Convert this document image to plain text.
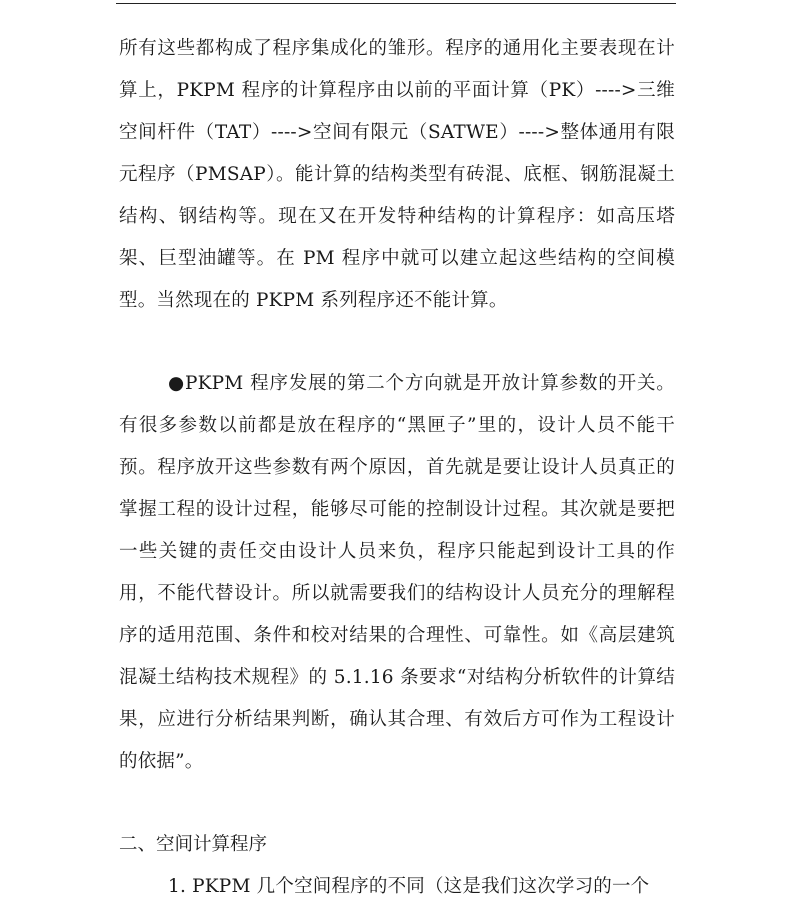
所有这些都构成了程序集成化的雏形。程序的通用化主要表现在计算上，PKPM 程序的计算程序由以前的平面计算（PK）---->三维空间杆件（TAT）---->空间有限元（SATWE）---->整体通用有限元程序（PMSAP）。能计算的结构类型有砖混、底框、钢筋混凝土结构、钢结构等。现在又在开发特种结构的计算程序：如高压塔架、巨型油罐等。在 PM 程序中就可以建立起这些结构的空间模型。当然现在的 PKPM 系列程序还不能计算。

●PKPM 程序发展的第二个方向就是开放计算参数的开关。有很多参数以前都是放在程序的“黑匣子”里的，设计人员不能干预。程序放开这些参数有两个原因，首先就是要让设计人员真正的掌握工程的设计过程，能够尽可能的控制设计过程。其次就是要把一些关键的责任交由设计人员来负，程序只能起到设计工具的作用，不能代替设计。所以就需要我们的结构设计人员充分的理解程序的适用范围、条件和校对结果的合理性、可靠性。如《高层建筑混凝土结构技术规程》的 5.1.16 条要求“对结构分析软件的计算结果，应进行分析结果判断，确认其合理、有效后方可作为工程设计的依据”。

二、空间计算程序

1. PKPM 几个空间程序的不同（这是我们这次学习的一个
